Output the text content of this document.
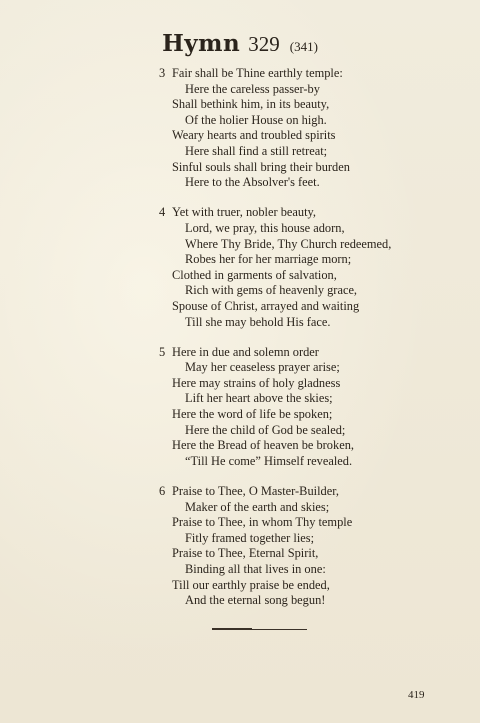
Hymn 329 (341)
3 Fair shall be Thine earthly temple:
Here the careless passer-by
Shall bethink him, in its beauty,
Of the holier House on high.
Weary hearts and troubled spirits
Here shall find a still retreat;
Sinful souls shall bring their burden
Here to the Absolver's feet.
4 Yet with truer, nobler beauty,
Lord, we pray, this house adorn,
Where Thy Bride, Thy Church redeemed,
Robes her for her marriage morn;
Clothed in garments of salvation,
Rich with gems of heavenly grace,
Spouse of Christ, arrayed and waiting
Till she may behold His face.
5 Here in due and solemn order
May her ceaseless prayer arise;
Here may strains of holy gladness
Lift her heart above the skies;
Here the word of life be spoken;
Here the child of God be sealed;
Here the Bread of heaven be broken,
“Till He come” Himself revealed.
6 Praise to Thee, O Master-Builder,
Maker of the earth and skies;
Praise to Thee, in whom Thy temple
Fitly framed together lies;
Praise to Thee, Eternal Spirit,
Binding all that lives in one:
Till our earthly praise be ended,
And the eternal song begun!
419
